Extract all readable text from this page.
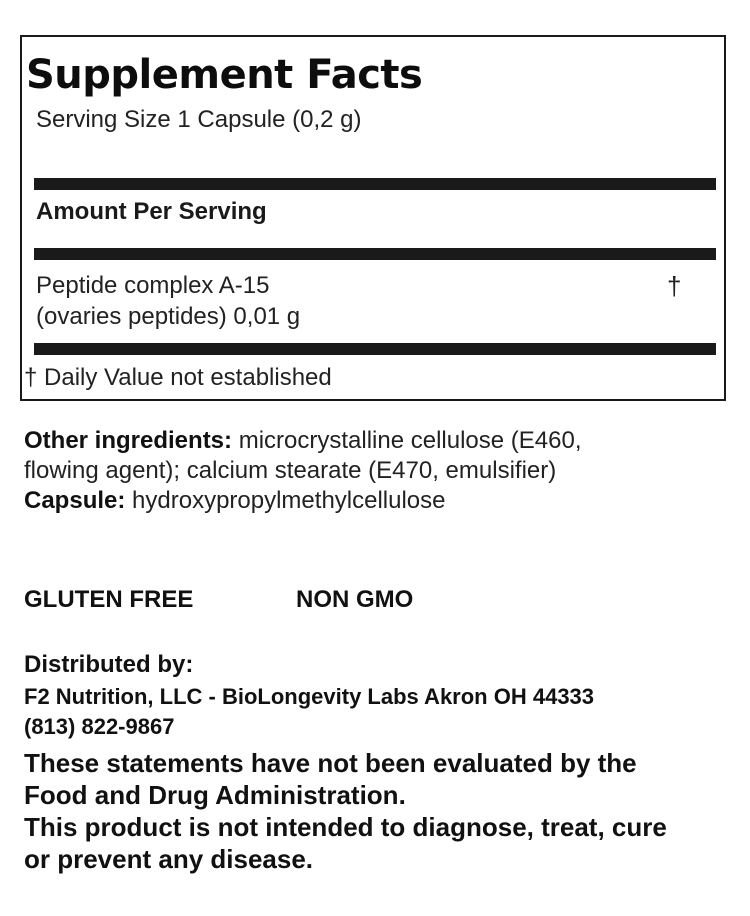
Supplement Facts
Serving Size 1 Capsule (0,2 g)
Amount Per Serving
Peptide complex A-15
(ovaries peptides) 0,01 g
†
† Daily Value not established
Other ingredients: microcrystalline cellulose (E460,
flowing agent); calcium stearate (E470, emulsifier)
Capsule: hydroxypropylmethylcellulose
GLUTEN FREE	NON GMO
Distributed by:
F2 Nutrition, LLC - BioLongevity Labs Akron OH 44333
(813) 822-9867
These statements have not been evaluated by the
Food and Drug Administration.
This product is not intended to diagnose, treat, cure
or prevent any disease.
